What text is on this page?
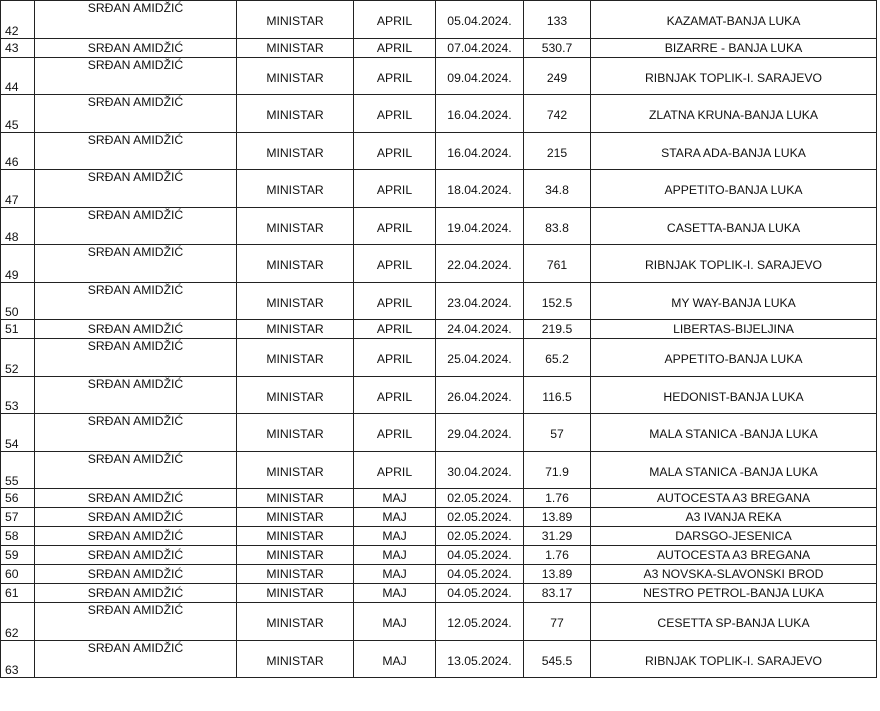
42	SRĐAN AMIDŽIĆ	MINISTAR	APRIL	05.04.2024.	133	KAZAMAT-BANJA LUKA
43	SRĐAN AMIDŽIĆ	MINISTAR	APRIL	07.04.2024.	530.7	BIZARRE - BANJA LUKA
44	SRĐAN AMIDŽIĆ	MINISTAR	APRIL	09.04.2024.	249	RIBNJAK TOPLIK-I. SARAJEVO
45	SRĐAN AMIDŽIĆ	MINISTAR	APRIL	16.04.2024.	742	ZLATNA KRUNA-BANJA LUKA
46	SRĐAN AMIDŽIĆ	MINISTAR	APRIL	16.04.2024.	215	STARA ADA-BANJA LUKA
47	SRĐAN AMIDŽIĆ	MINISTAR	APRIL	18.04.2024.	34.8	APPETITO-BANJA LUKA
48	SRĐAN AMIDŽIĆ	MINISTAR	APRIL	19.04.2024.	83.8	CASETTA-BANJA LUKA
49	SRĐAN AMIDŽIĆ	MINISTAR	APRIL	22.04.2024.	761	RIBNJAK TOPLIK-I. SARAJEVO
50	SRĐAN AMIDŽIĆ	MINISTAR	APRIL	23.04.2024.	152.5	MY WAY-BANJA LUKA
51	SRĐAN AMIDŽIĆ	MINISTAR	APRIL	24.04.2024.	219.5	LIBERTAS-BIJELJINA
52	SRĐAN AMIDŽIĆ	MINISTAR	APRIL	25.04.2024.	65.2	APPETITO-BANJA LUKA
53	SRĐAN AMIDŽIĆ	MINISTAR	APRIL	26.04.2024.	116.5	HEDONIST-BANJA LUKA
54	SRĐAN AMIDŽIĆ	MINISTAR	APRIL	29.04.2024.	57	MALA STANICA -BANJA LUKA
55	SRĐAN AMIDŽIĆ	MINISTAR	APRIL	30.04.2024.	71.9	MALA STANICA -BANJA LUKA
56	SRĐAN AMIDŽIĆ	MINISTAR	MAJ	02.05.2024.	1.76	AUTOCESTA A3 BREGANA
57	SRĐAN AMIDŽIĆ	MINISTAR	MAJ	02.05.2024.	13.89	A3 IVANJA REKA
58	SRĐAN AMIDŽIĆ	MINISTAR	MAJ	02.05.2024.	31.29	DARSGO-JESENICA
59	SRĐAN AMIDŽIĆ	MINISTAR	MAJ	04.05.2024.	1.76	AUTOCESTA A3 BREGANA
60	SRĐAN AMIDŽIĆ	MINISTAR	MAJ	04.05.2024.	13.89	A3 NOVSKA-SLAVONSKI BROD
61	SRĐAN AMIDŽIĆ	MINISTAR	MAJ	04.05.2024.	83.17	NESTRO PETROL-BANJA LUKA
62	SRĐAN AMIDŽIĆ	MINISTAR	MAJ	12.05.2024.	77	CESETTA SP-BANJA LUKA
63	SRĐAN AMIDŽIĆ	MINISTAR	MAJ	13.05.2024.	545.5	RIBNJAK TOPLIK-I. SARAJEVO
